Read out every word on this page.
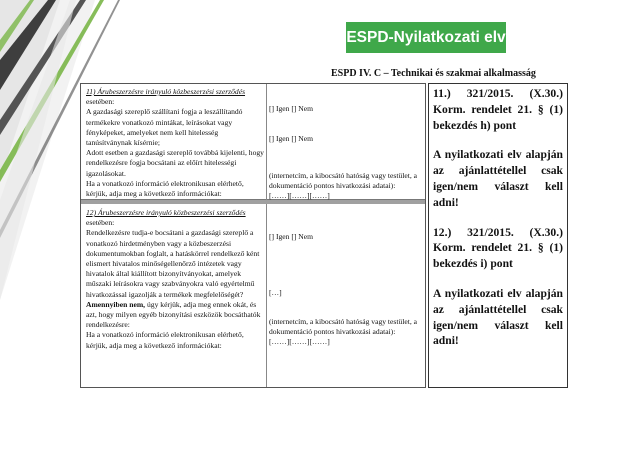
ESPD-Nyilatkozati elv
ESPD IV. C – Technikai és szakmai alkalmasság
11) Árubeszerzésre irányuló közbeszerzési szerződés esetében:
A gazdasági szereplő szállítani fogja a leszállítandó termékekre vonatkozó mintákat, leírásokat vagy fényképeket, amelyeket nem kell hitelesség tanúsítványnak kísérnie;
Adott esetben a gazdasági szereplő továbbá kijelenti, hogy rendelkezésre fogja bocsátani az előírt hitelességi igazolásokat.
Ha a vonatkozó információ elektronikusan elérhető, kérjük, adja meg a következő információkat:
[] Igen [] Nem
[] Igen [] Nem
(internetcím, a kibocsátó hatóság vagy testület, a dokumentáció pontos hivatkozási adatai):
[……][……][……]
12) Árubeszerzésre irányuló közbeszerzési szerződés esetében:
Rendelkezésre tudja-e bocsátani a gazdasági szereplő a vonatkozó hirdetményben vagy a közbeszerzési dokumentumokban foglalt, a hatáskörrel rendelkező ként elismert hivatalos minőségellenőrző intézetek vagy hivatalok által kiállított bizonyítványokat, amelyek műszaki leírásokra vagy szabványokra való egyértelmű hivatkozással igazolják a termékek megfelelőségét?
Amennyiben nem, úgy kérjük, adja meg ennek okát, és azt, hogy milyen egyéb bizonyítási eszközök bocsáthatók rendelkezésre:
Ha a vonatkozó információ elektronikusan elérhető, kérjük, adja meg a következő információkat:
[] Igen [] Nem
[…]
(internetcím, a kibocsátó hatóság vagy testület, a dokumentáció pontos hivatkozási adatai):
[……][……][……]

11.) 321/2015. (X.30.) Korm. rendelet 21. § (1) bekezdés h) pont

A nyilatkozati elv alapján az ajánlattétellel csak igen/nem választ kell adni!

12.) 321/2015. (X.30.) Korm. rendelet 21. § (1) bekezdés i) pont

A nyilatkozati elv alapján az ajánlattétellel csak igen/nem választ kell adni!
